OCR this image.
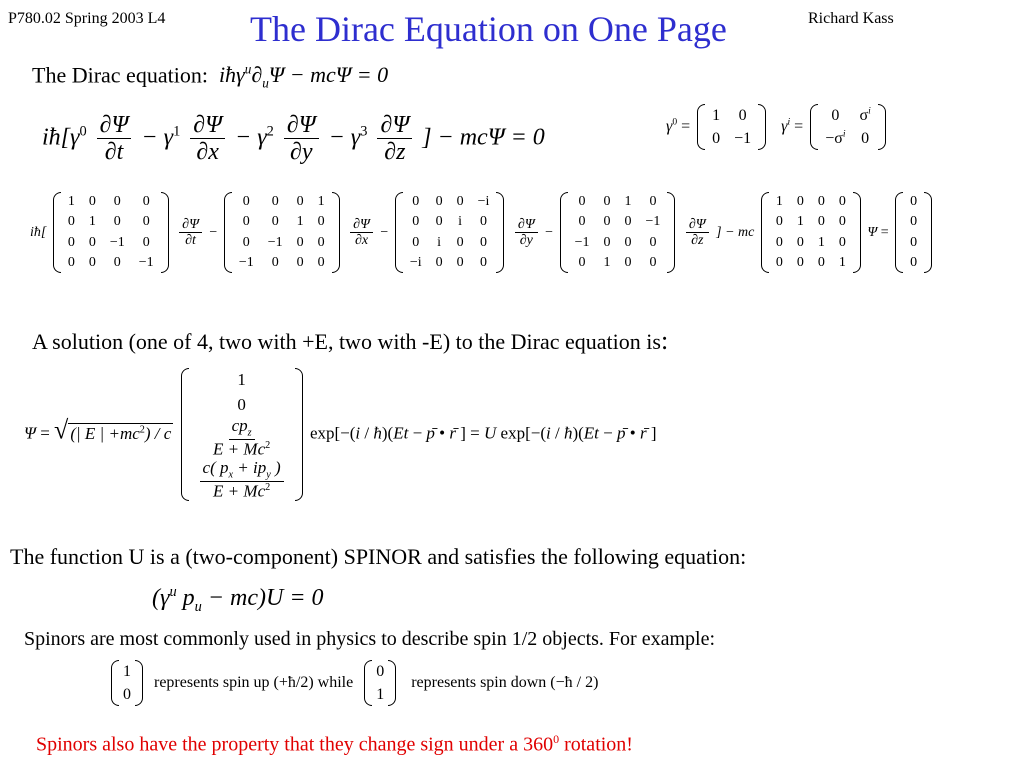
P780.02 Spring 2003 L4 The Dirac Equation on One Page	Richard Kass
The Dirac equation:  $iħ\gamma^u\partial_u\Psi - mc\Psi = 0$
$iħ[\gamma^0 \frac{\partial\Psi}{\partial t} - \gamma^1 \frac{\partial\Psi}{\partial x} - \gamma^2 \frac{\partial\Psi}{\partial y} - \gamma^3 \frac{\partial\Psi}{\partial z}$ ] − mcΨ = 0	$\gamma^0$ =
1	0
0	−1
$\gamma^i$ =
0	$\sigma^i$
$-\sigma^i$	0
iħ[
1	0	0	0
0	1	0	0
0	0	−1	0
0	0	0	−1

$\frac{\partial\Psi}{\partial t}$ −
0	0	0	1
0	0	1	0
0	−1	0	0
−1	0	0	0

$\frac{\partial\Psi}{\partial x}$ −
0	0	0	−i
0	0	i	0
0	i	0	0
−i	0	0	0

$\frac{\partial\Psi}{\partial y}$ −
0	0	1	0
0	0	0	−1
−1	0	0	0
0	1	0	0

$\frac{\partial\Psi}{\partial z}$ ] − mc
1	0	0	0
0	1	0	0
0	0	1	0
0	0	0	1
Ψ =
0
0
0
0
A solution (one of 4, two with +E, two with -E) to the Dirac equation is:
Ψ = √ (| E | $+mc^2) / c$
1
0

$\frac{cp_z}{E + Mc^2}$

$\frac{c( p_x + ip_y )}{E + Mc^2}$
exp[−(i / ħ)(Et − p̄ • r̄ ] = U exp[−(i / ħ)(Et − p̄ • r̄ ]
The function U is a (two-component) SPINOR and satisfies the following equation:
($\gamma^u$ $p_u - mc)U = 0$
Spinors are most commonly used in physics to describe spin 1/2 objects. For example:
1
0
represents spin up (+ħ/2) while
0
1
represents spin down (−ħ / 2)
Spinors also have the property that they change sign under a $360^0$ rotation!
